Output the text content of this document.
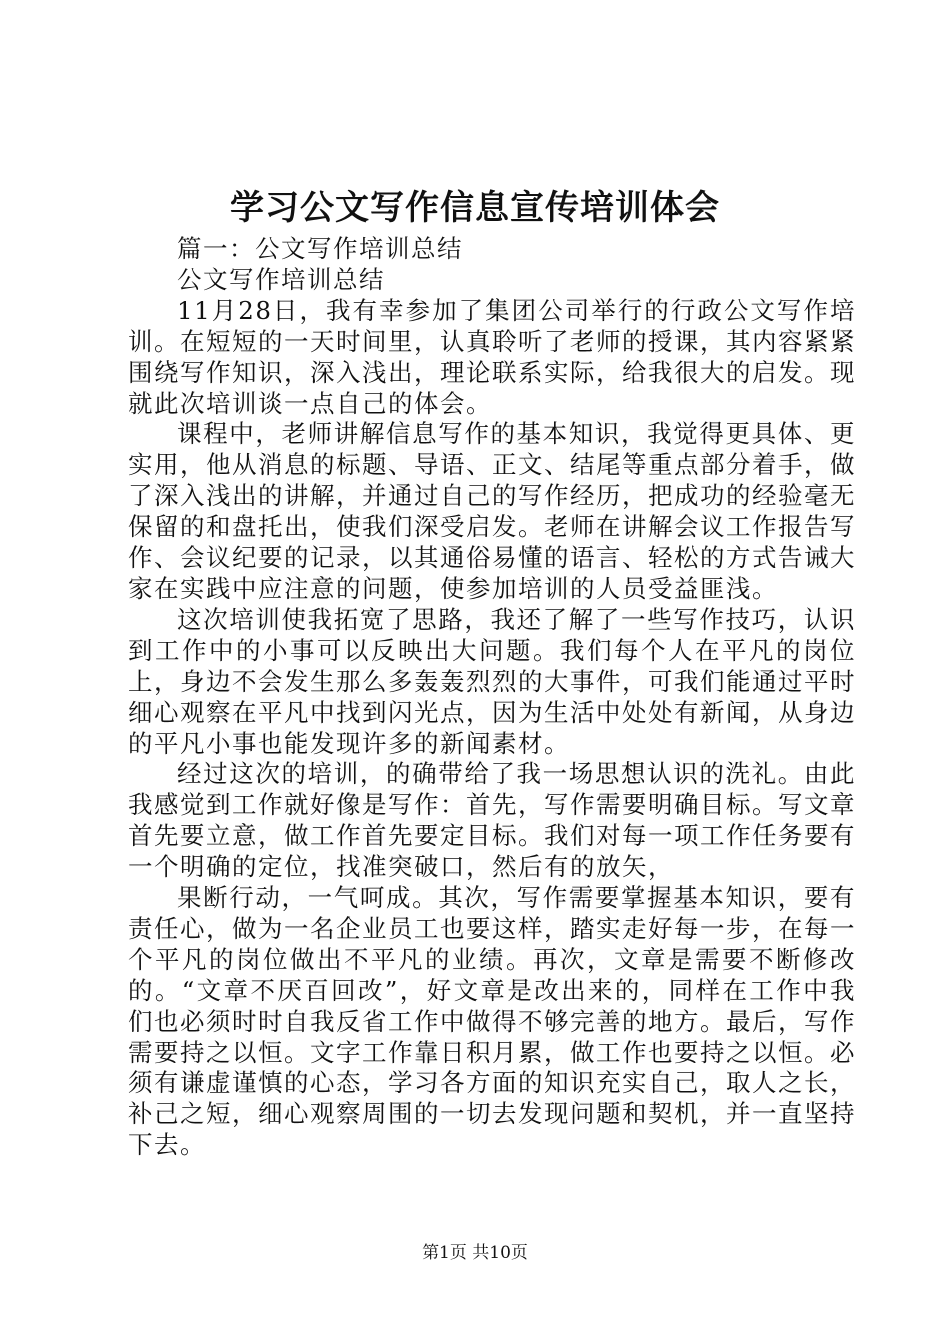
学习公文写作信息宣传培训体会

篇一：公文写作培训总结

公文写作培训总结

11月28日，我有幸参加了集团公司举行的行政公文写作培训。在短短的一天时间里，认真聆听了老师的授课，其内容紧紧围绕写作知识，深入浅出，理论联系实际，给我很大的启发。现就此次培训谈一点自己的体会。

课程中，老师讲解信息写作的基本知识，我觉得更具体、更实用，他从消息的标题、导语、正文、结尾等重点部分着手，做了深入浅出的讲解，并通过自己的写作经历，把成功的经验毫无保留的和盘托出，使我们深受启发。老师在讲解会议工作报告写作、会议纪要的记录，以其通俗易懂的语言、轻松的方式告诫大家在实践中应注意的问题，使参加培训的人员受益匪浅。

这次培训使我拓宽了思路，我还了解了一些写作技巧，认识到工作中的小事可以反映出大问题。我们每个人在平凡的岗位上，身边不会发生那么多轰轰烈烈的大事件，可我们能通过平时细心观察在平凡中找到闪光点，因为生活中处处有新闻，从身边的平凡小事也能发现许多的新闻素材。

经过这次的培训，的确带给了我一场思想认识的洗礼。由此我感觉到工作就好像是写作：首先，写作需要明确目标。写文章首先要立意，做工作首先要定目标。我们对每一项工作任务要有一个明确的定位，找准突破口，然后有的放矢，

果断行动，一气呵成。其次，写作需要掌握基本知识，要有责任心，做为一名企业员工也要这样，踏实走好每一步，在每一个平凡的岗位做出不平凡的业绩。再次，文章是需要不断修改的。“文章不厌百回改”，好文章是改出来的，同样在工作中我们也必须时时自我反省工作中做得不够完善的地方。最后，写作需要持之以恒。文字工作靠日积月累，做工作也要持之以恒。必须有谦虚谨慎的心态，学习各方面的知识充实自己，取人之长，补己之短，细心观察周围的一切去发现问题和契机，并一直坚持下去。

第1页 共10页
